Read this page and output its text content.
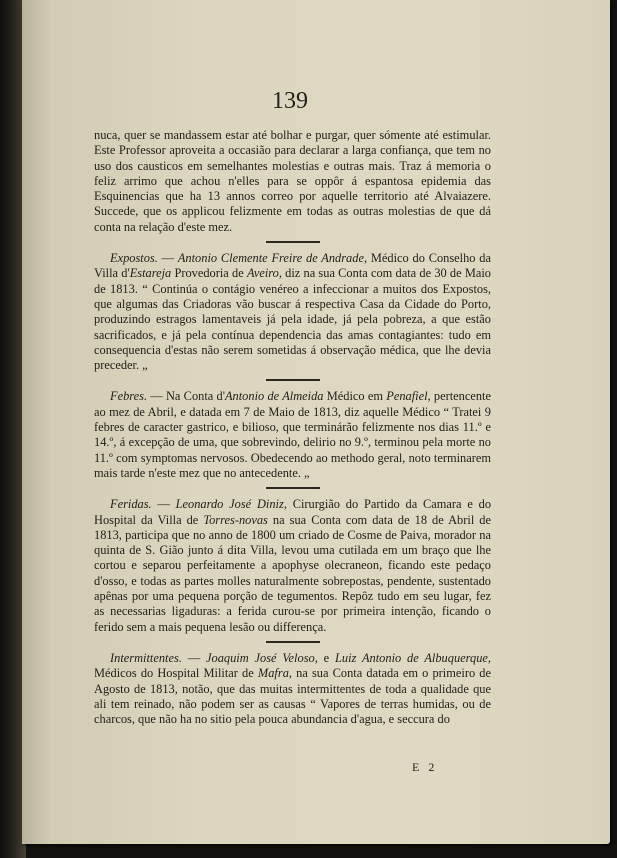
139

nuca, quer se mandassem estar até bolhar e purgar, quer sómente até estimular. Este Professor aproveita a occasião para declarar a larga confiança, que tem no uso dos causticos em semelhantes molestias e outras mais. Traz á memoria o feliz arrimo que achou n'elles para se oppôr á espantosa epidemia das Esquinencias que ha 13 annos correo por aquelle territorio até Alvaiazere. Succede, que os applicou felizmente em todas as outras molestias de que dá conta na relação d'este mez.

Expostos. — Antonio Clemente Freire de Andrade, Médico do Conselho da Villa d'Estareja Provedoria de Aveiro, diz na sua Conta com data de 30 de Maio de 1813. “ Continúa o contágio venéreo a infeccionar a muitos dos Expostos, que algumas das Criadoras vão buscar á respectiva Casa da Cidade do Porto, produzindo estragos lamentaveis já pela idade, já pela pobreza, a que estão sacrificados, e já pela contínua dependencia das amas contagiantes: tudo em consequencia d'estas não serem sometidas á observação médica, que lhe devia preceder. „

Febres. — Na Conta d'Antonio de Almeida Médico em Penafiel, pertencente ao mez de Abril, e datada em 7 de Maio de 1813, diz aquelle Médico “ Tratei 9 febres de caracter gastrico, e biliosо, que terminárão felizmente nos dias 11.º e 14.º, á excepção de uma, que sobrevindo, delirio no 9.º, terminou pela morte no 11.º com symptomas nervosos. Obedecendo ao methodo geral, noto terminarem mais tarde n'este mez que no antecedente. „

Feridas. — Leonardo José Diniz, Cirurgião do Partido da Camara e do Hospital da Villa de Torres-novas na sua Conta com data de 18 de Abril de 1813, participa que no anno de 1800 um criado de Cosme de Paiva, morador na quinta de S. Gião junto á dita Villa, levou uma cutilada em um braço que lhe cortou e separou perfeitamente a apophyse olecraneon, ficando este pedaço d'osso, e todas as partes molles naturalmente sobrepostas, pendente, sustentado apênas por uma pequena porção de tegumentos. Repôz tudo em seu lugar, fez as necessarias ligaduras: a ferida curou-se por primeira intenção, ficando o ferido sem a mais pequena lesão ou differença.

Intermittentes. — Joaquim José Veloso, e Luiz Antonio de Albuquerque, Médicos do Hospital Militar de Mafra, na sua Conta datada em o primeiro de Agosto de 1813, notão, que das muitas intermittentes de toda a qualidade que ali tem reinado, não podem ser as causas “ Vapores de terras humidas, ou de charcos, que não ha no sitio pela pouca abundancia d'agua, e seccura do

E 2
